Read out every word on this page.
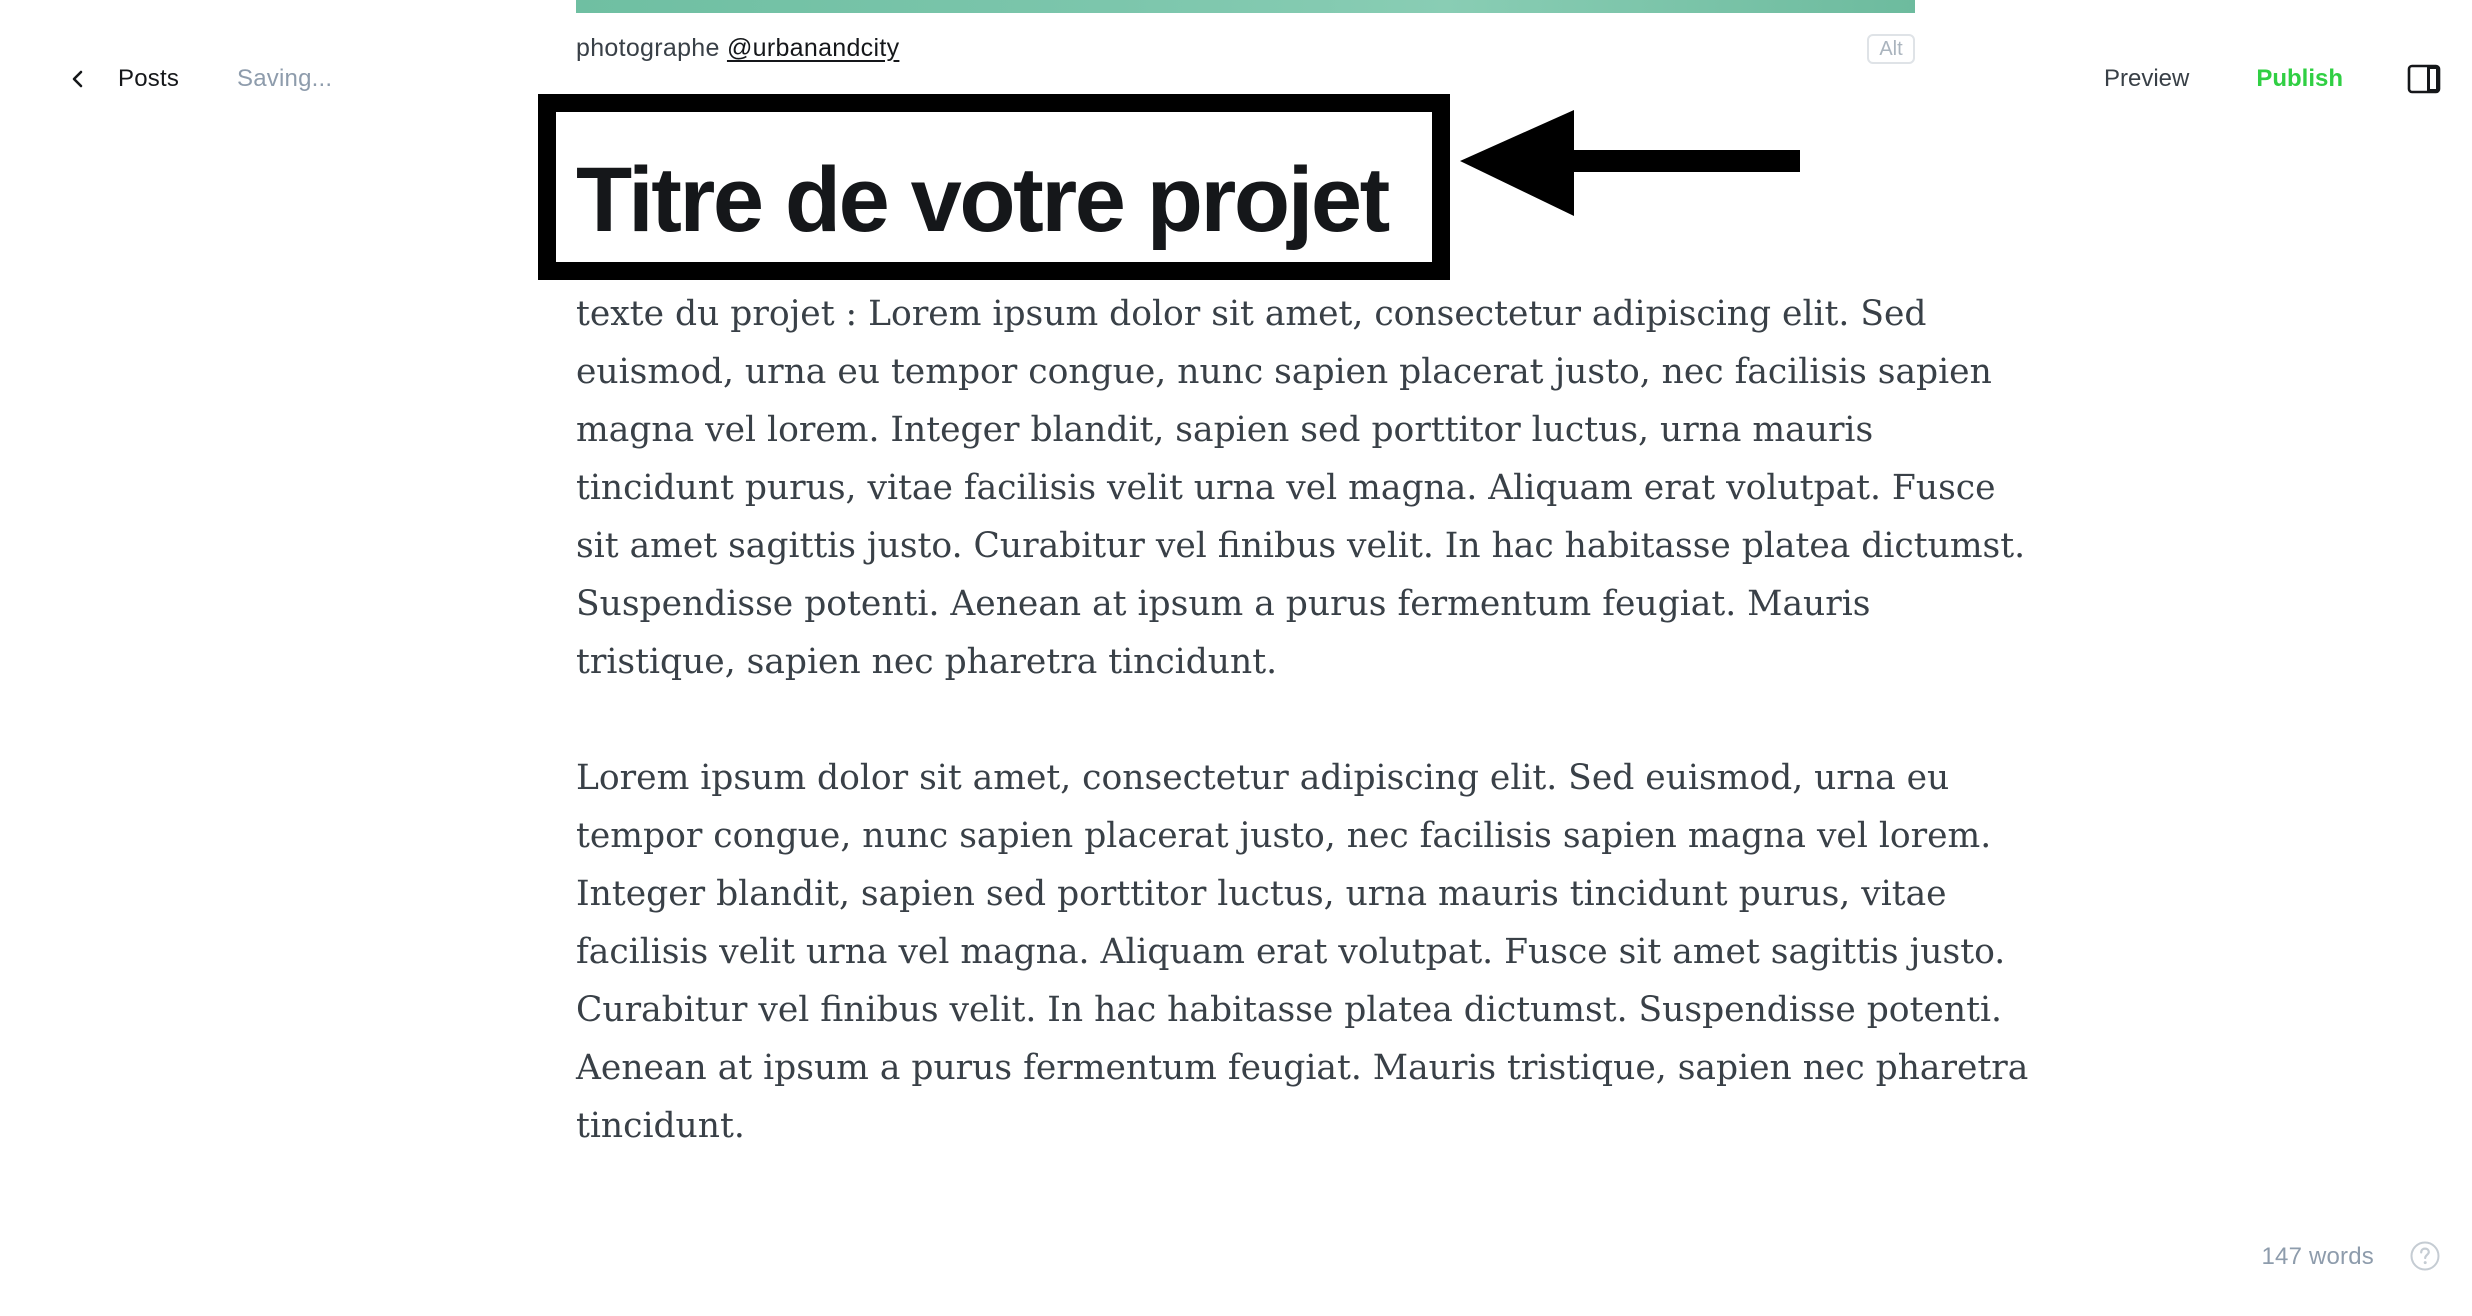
photographe @urbanandcity	Alt
Posts Saving...	Preview	Publish
Titre de votre projet

texte du projet : Lorem ipsum dolor sit amet, consectetur adipiscing elit. Sed
euismod, urna eu tempor congue, nunc sapien placerat justo, nec facilisis sapien
magna vel lorem. Integer blandit, sapien sed porttitor luctus, urna mauris
tincidunt purus, vitae facilisis velit urna vel magna. Aliquam erat volutpat. Fusce
sit amet sagittis justo. Curabitur vel finibus velit. In hac habitasse platea dictumst.
Suspendisse potenti. Aenean at ipsum a purus fermentum feugiat. Mauris
tristique, sapien nec pharetra tincidunt.

Lorem ipsum dolor sit amet, consectetur adipiscing elit. Sed euismod, urna eu
tempor congue, nunc sapien placerat justo, nec facilisis sapien magna vel lorem.
Integer blandit, sapien sed porttitor luctus, urna mauris tincidunt purus, vitae
facilisis velit urna vel magna. Aliquam erat volutpat. Fusce sit amet sagittis justo.
Curabitur vel finibus velit. In hac habitasse platea dictumst. Suspendisse potenti.
Aenean at ipsum a purus fermentum feugiat. Mauris tristique, sapien nec pharetra
tincidunt.

147 words
